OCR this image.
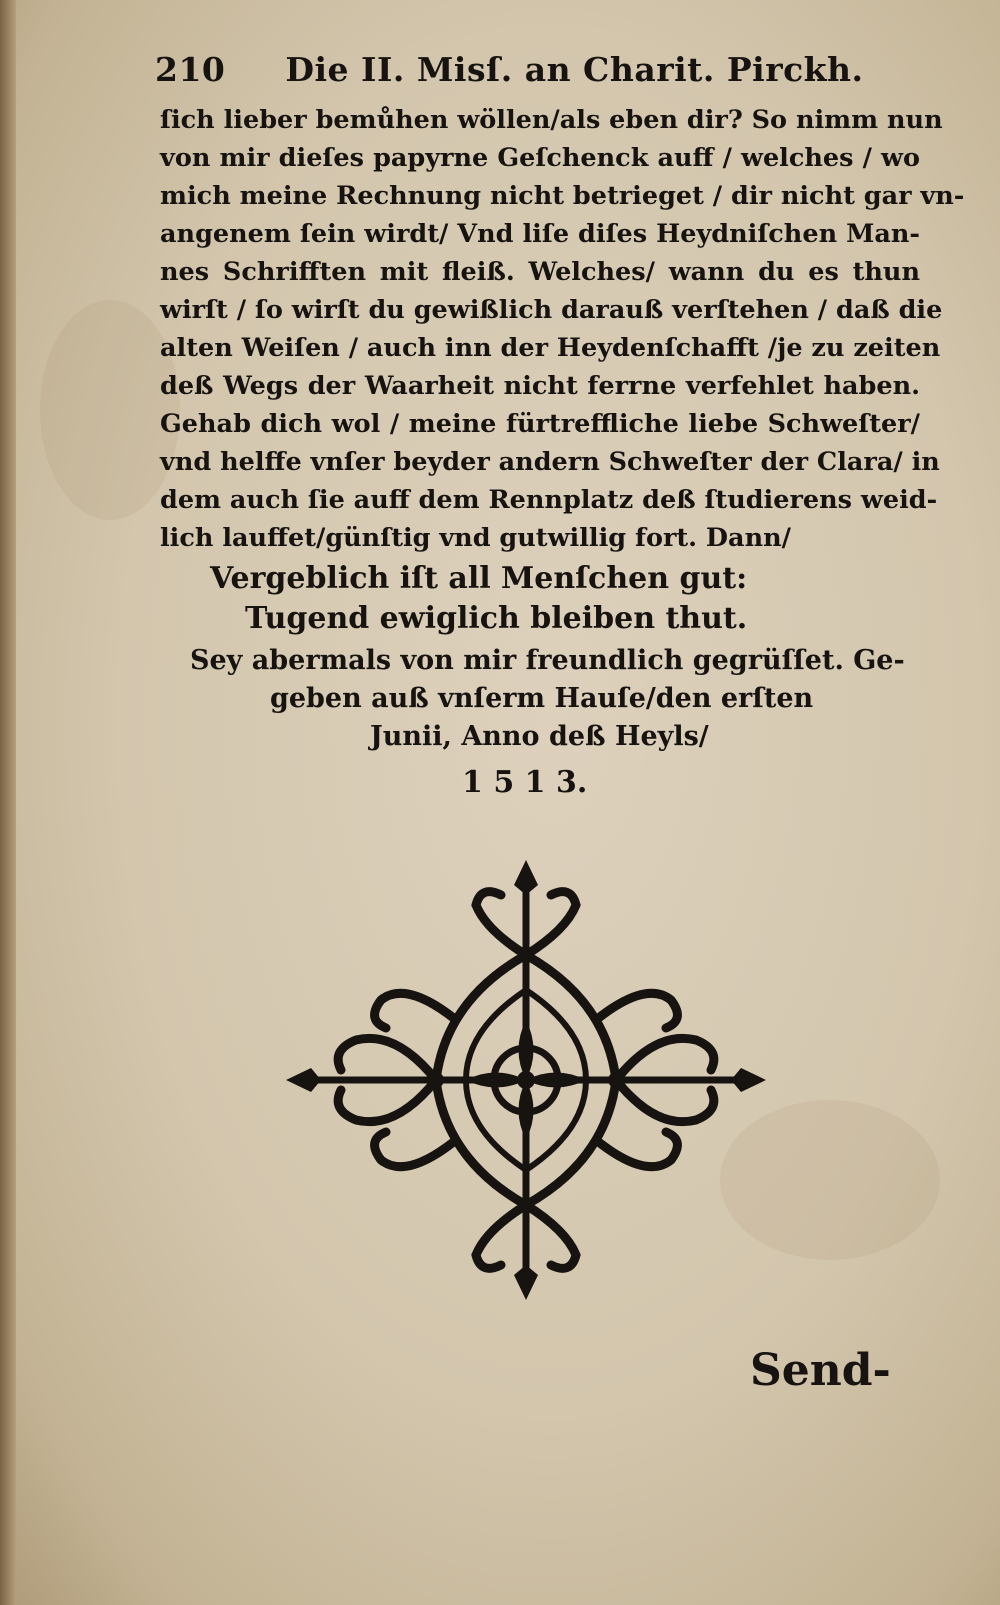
210 Die II. Misſ. an Charit. Pirckh.
ſich lieber bemůhen wöllen/als eben dir? So nimm nun
von mir dieſes papyrne Geſchenck auff / welches / wo
mich meine Rechnung nicht betrieget / dir nicht gar vn-
angenem ſein wirdt/ Vnd liſe diſes Heydniſchen Man-
nes Schrifften mit fleiß. Welches/ wann du es thun
wirſt / ſo wirſt du gewißlich darauß verſtehen / daß die
alten Weiſen / auch inn der Heydenſchafft /je zu zeiten
deß Wegs der Waarheit nicht ferrne verfehlet haben.
Gehab dich wol / meine fürtreffliche liebe Schweſter/
vnd helffe vnſer beyder andern Schweſter der Clara/ in
dem auch ſie auff dem Rennplatz deß ſtudierens weid-
lich lauffet/günſtig vnd gutwillig fort. Dann/
Vergeblich iſt all Menſchen gut:
Tugend ewiglich bleiben thut.
Sey abermals von mir freundlich gegrüſſet. Ge-
geben auß vnſerm Hauſe/den erſten
Junii, Anno deß Heyls/
1 5 1 3.
Send-
